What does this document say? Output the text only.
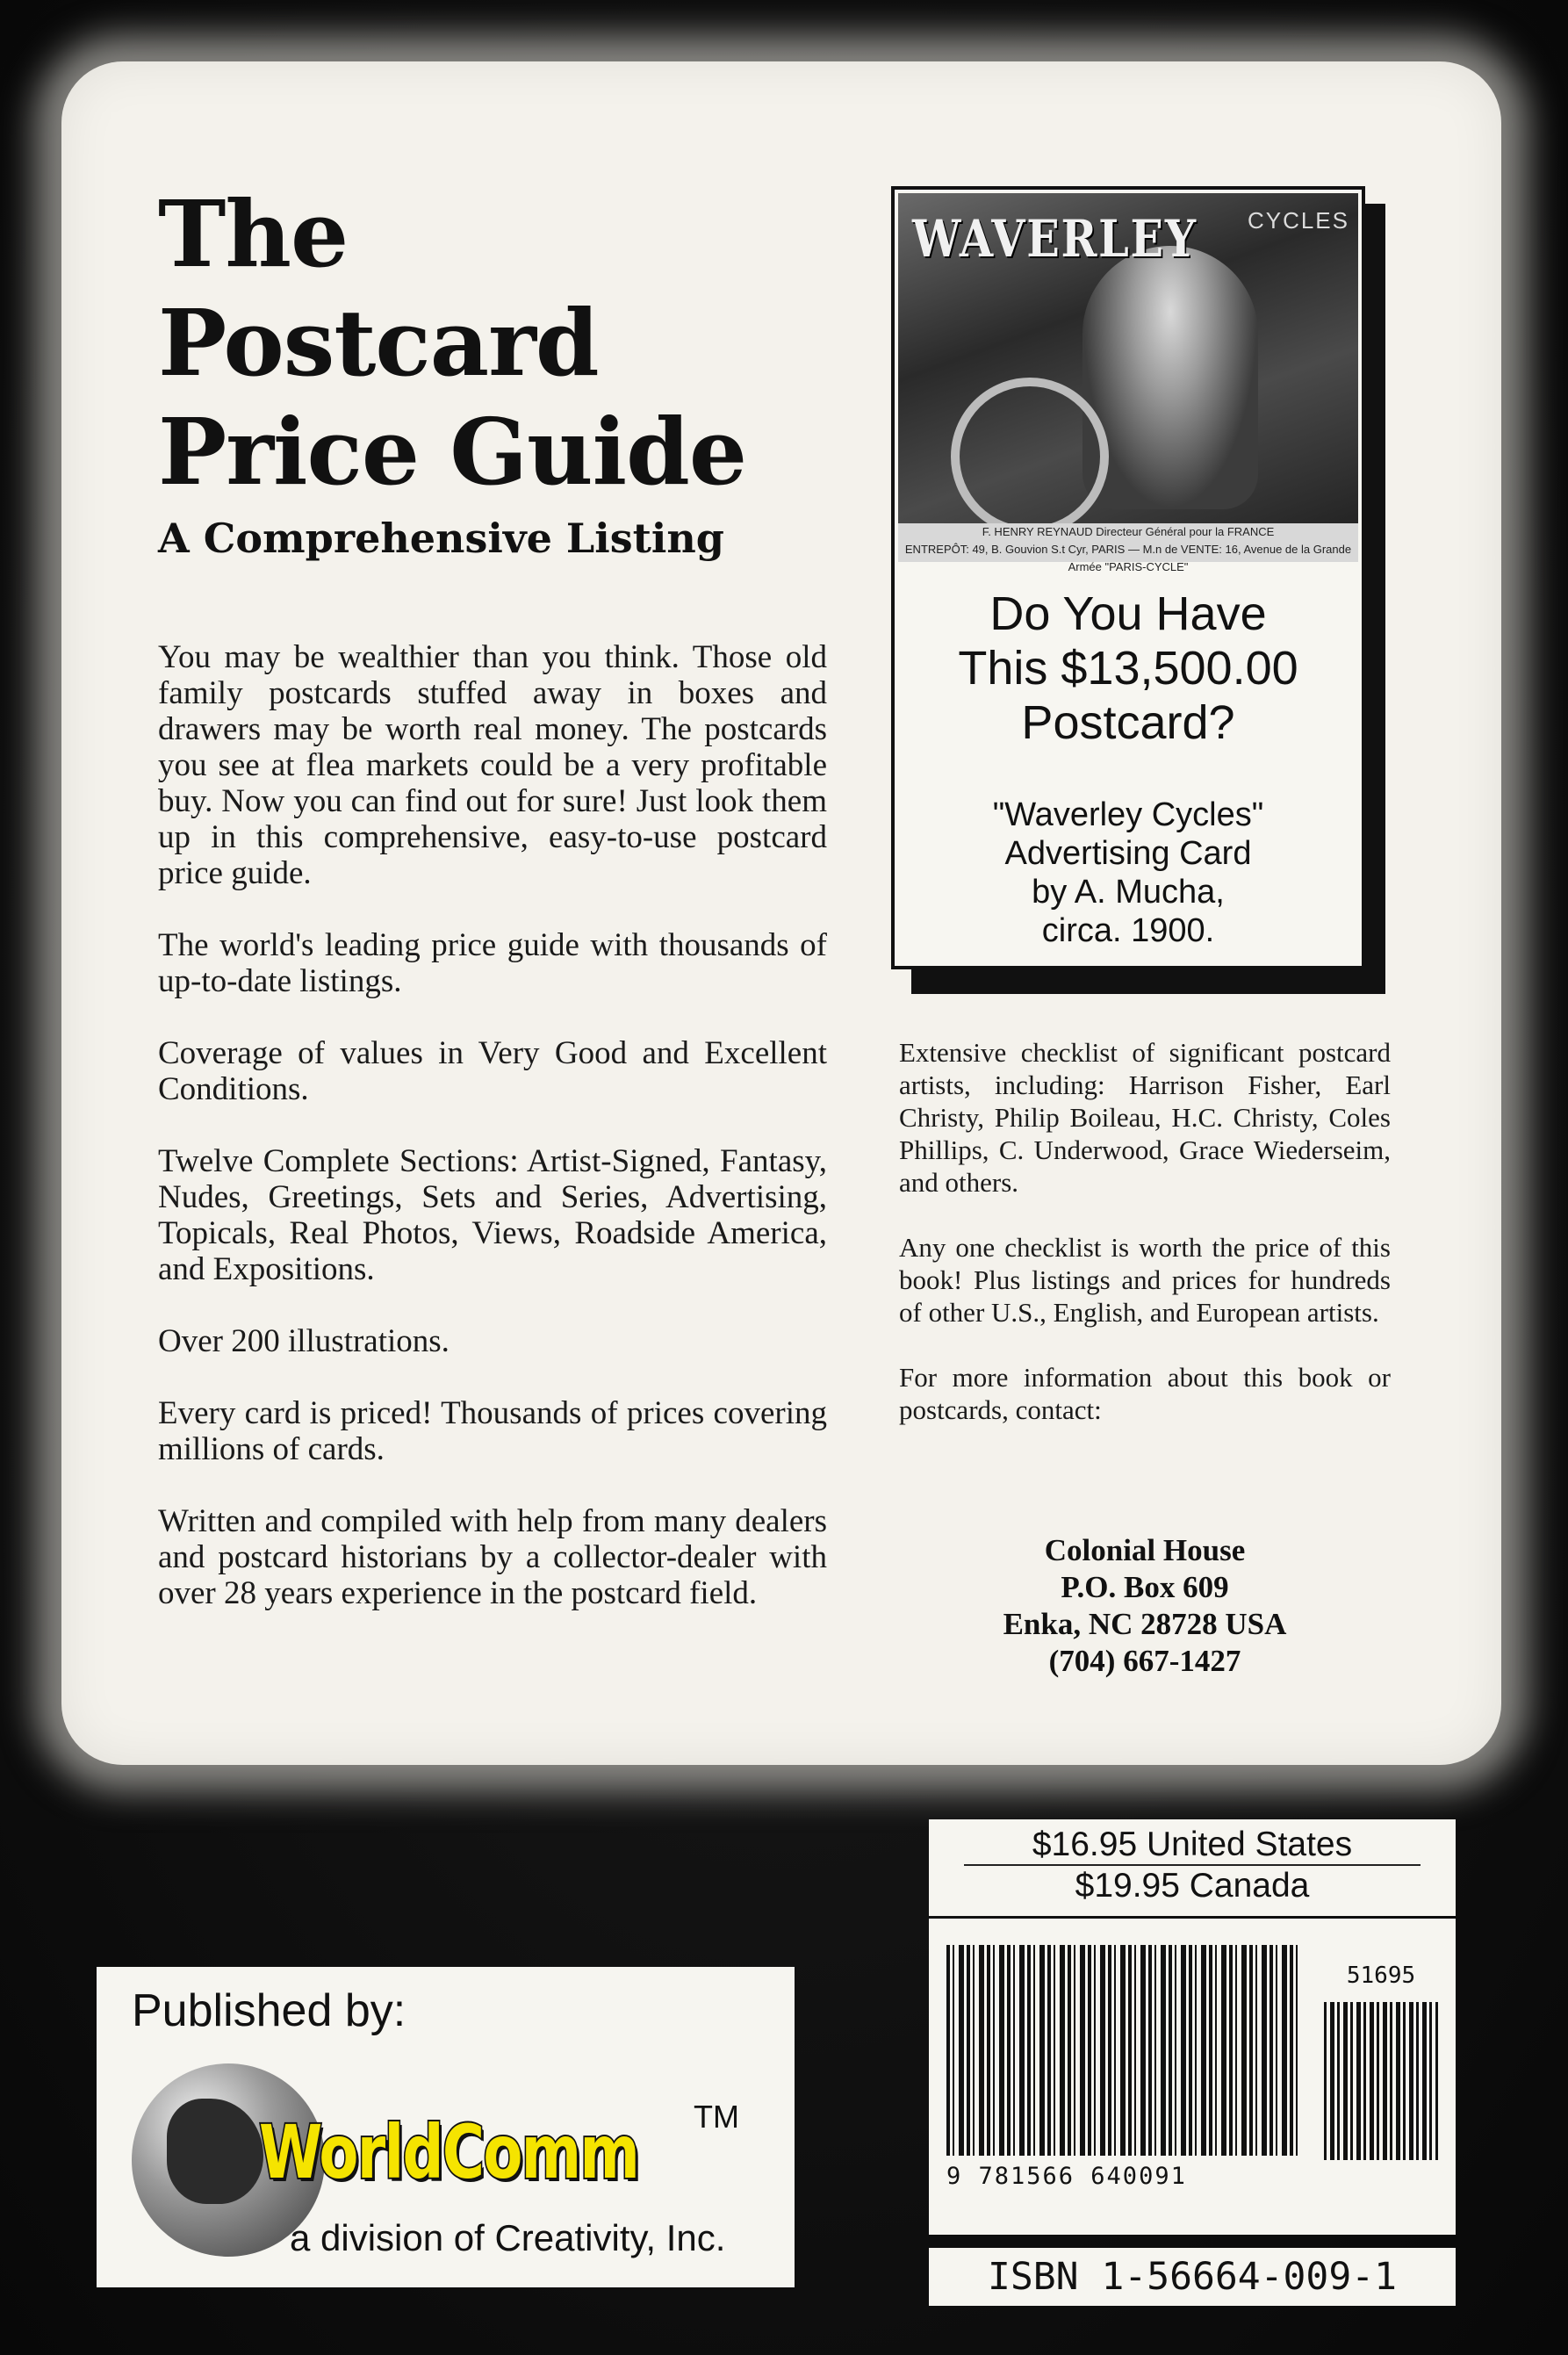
The
Postcard
Price Guide
A Comprehensive Listing

You may be wealthier than you think. Those old family postcards stuffed away in boxes and drawers may be worth real money. The postcards you see at flea markets could be a very profitable buy. Now you can find out for sure! Just look them up in this comprehensive, easy-to-use postcard price guide.

The world's leading price guide with thousands of up-to-date listings.

Coverage of values in Very Good and Excellent Conditions.

Twelve Complete Sections: Artist-Signed, Fantasy, Nudes, Greetings, Sets and Series, Advertising, Topicals, Real Photos, Views, Roadside America, and Expositions.

Over 200 illustrations.

Every card is priced! Thousands of prices covering millions of cards.

Written and compiled with help from many dealers and postcard historians by a collector-dealer with over 28 years experience in the postcard field.

WAVERLEY CYCLES
F. HENRY REYNAUD Directeur Général pour la FRANCE
ENTREPÔT: 49, B. Gouvion S.t Cyr, PARIS — M.n de VENTE: 16, Avenue de la Grande Armée "PARIS-CYCLE"
Do You Have
This $13,500.00
Postcard?
"Waverley Cycles"
Advertising Card
by A. Mucha,
circa. 1900.

Extensive checklist of significant postcard artists, including: Harrison Fisher, Earl Christy, Philip Boileau, H.C. Christy, Coles Phillips, C. Underwood, Grace Wiederseim, and others.

Any one checklist is worth the price of this book! Plus listings and prices for hundreds of other U.S., English, and European artists.

For more information about this book or postcards, contact:

Colonial House
P.O. Box 609
Enka, NC 28728 USA
(704) 667-1427
Published by:
WorldComm TM
a division of Creativity, Inc.
$16.95 United States
$19.95 Canada
51695
9 781566 640091
ISBN 1-56664-009-1
